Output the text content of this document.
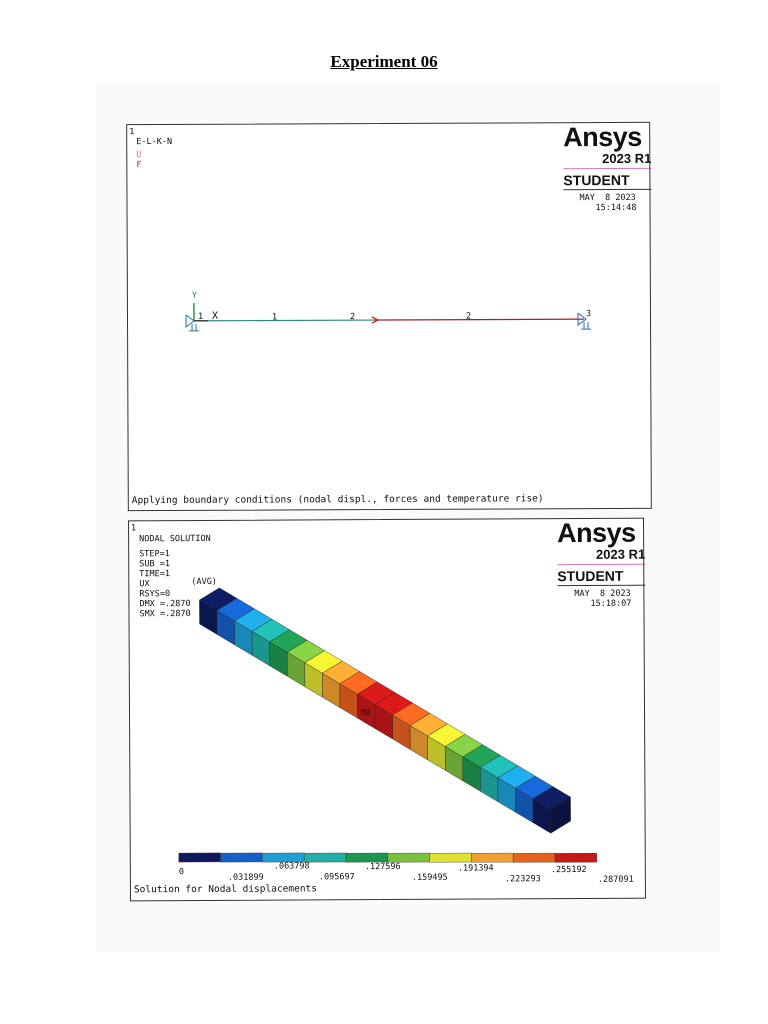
Experiment 06
1
E-L-K-N
U
F
Ansys
2023 R1
STUDENT
MAY  8 2023
15:14:48
Y
X
1	1	2	2	3
Applying boundary conditions (nodal displ., forces and temperature rise)
1
NODAL SOLUTION
STEP=1
SUB =1
TIME=1
UX	(AVG)
RSYS=0
DMX =.2870
SMX =.2870
Ansys
2023 R1
STUDENT
MAY  8 2023
15:18:07
MX
0
.031899	.095697	.159495	.223293	.287091
.063798	.127596	.191394	.255192
Solution for Nodal displacements
